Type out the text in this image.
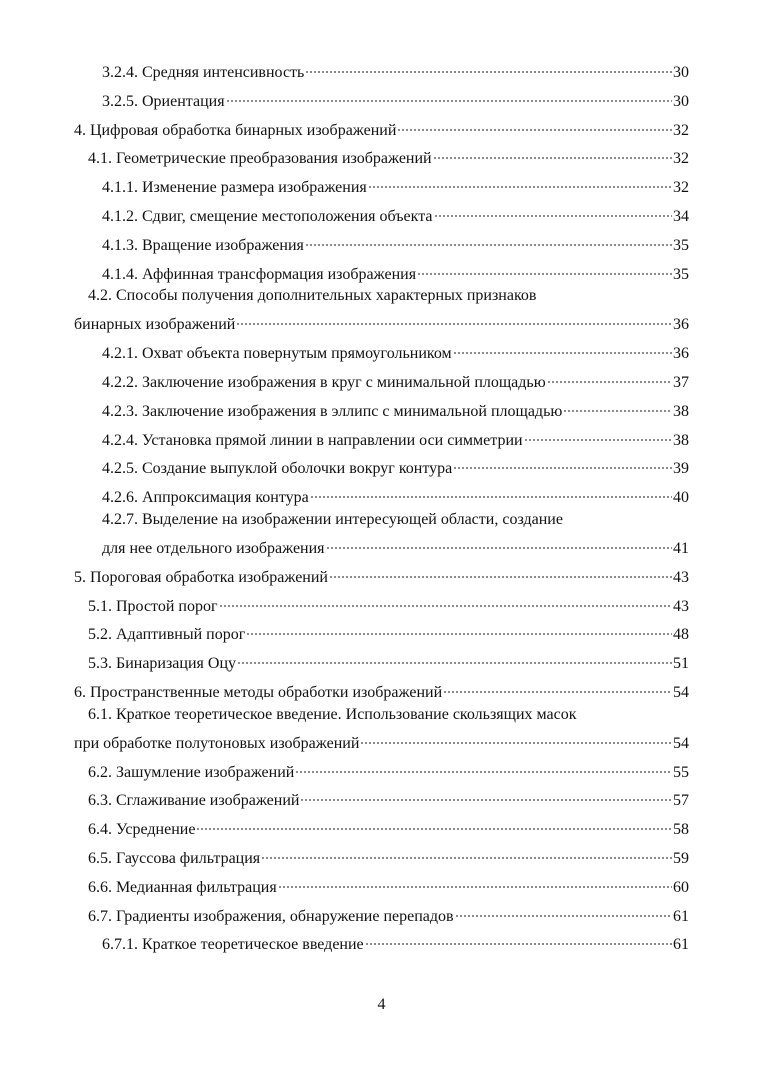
3.2.4. Средняя интенсивность	30
3.2.5. Ориентация	30
4. Цифровая обработка бинарных изображений	32
4.1. Геометрические преобразования изображений	32
4.1.1. Изменение размера изображения	32
4.1.2. Сдвиг, смещение местоположения объекта	34
4.1.3. Вращение изображения	35
4.1.4. Аффинная трансформация изображения	35
4.2. Способы получения дополнительных характерных признаков
бинарных изображений	36
4.2.1. Охват объекта повернутым прямоугольником	36
4.2.2. Заключение изображения в круг с минимальной площадью	37
4.2.3. Заключение изображения в эллипс с минимальной площадью	38
4.2.4. Установка прямой линии в направлении оси симметрии	38
4.2.5. Создание выпуклой оболочки вокруг контура	39
4.2.6. Аппроксимация контура	40
4.2.7. Выделение на изображении интересующей области, создание
для нее отдельного изображения	41
5. Пороговая обработка изображений	43
5.1. Простой порог	43
5.2. Адаптивный порог	48
5.3. Бинаризация Оцу	51
6. Пространственные методы обработки изображений	54
6.1. Краткое теоретическое введение. Использование скользящих масок
при обработке полутоновых изображений	54
6.2. Зашумление изображений	55
6.3. Сглаживание изображений	57
6.4. Усреднение	58
6.5. Гауссова фильтрация	59
6.6. Медианная фильтрация	60
6.7. Градиенты изображения, обнаружение перепадов	61
6.7.1. Краткое теоретическое введение	61
4
